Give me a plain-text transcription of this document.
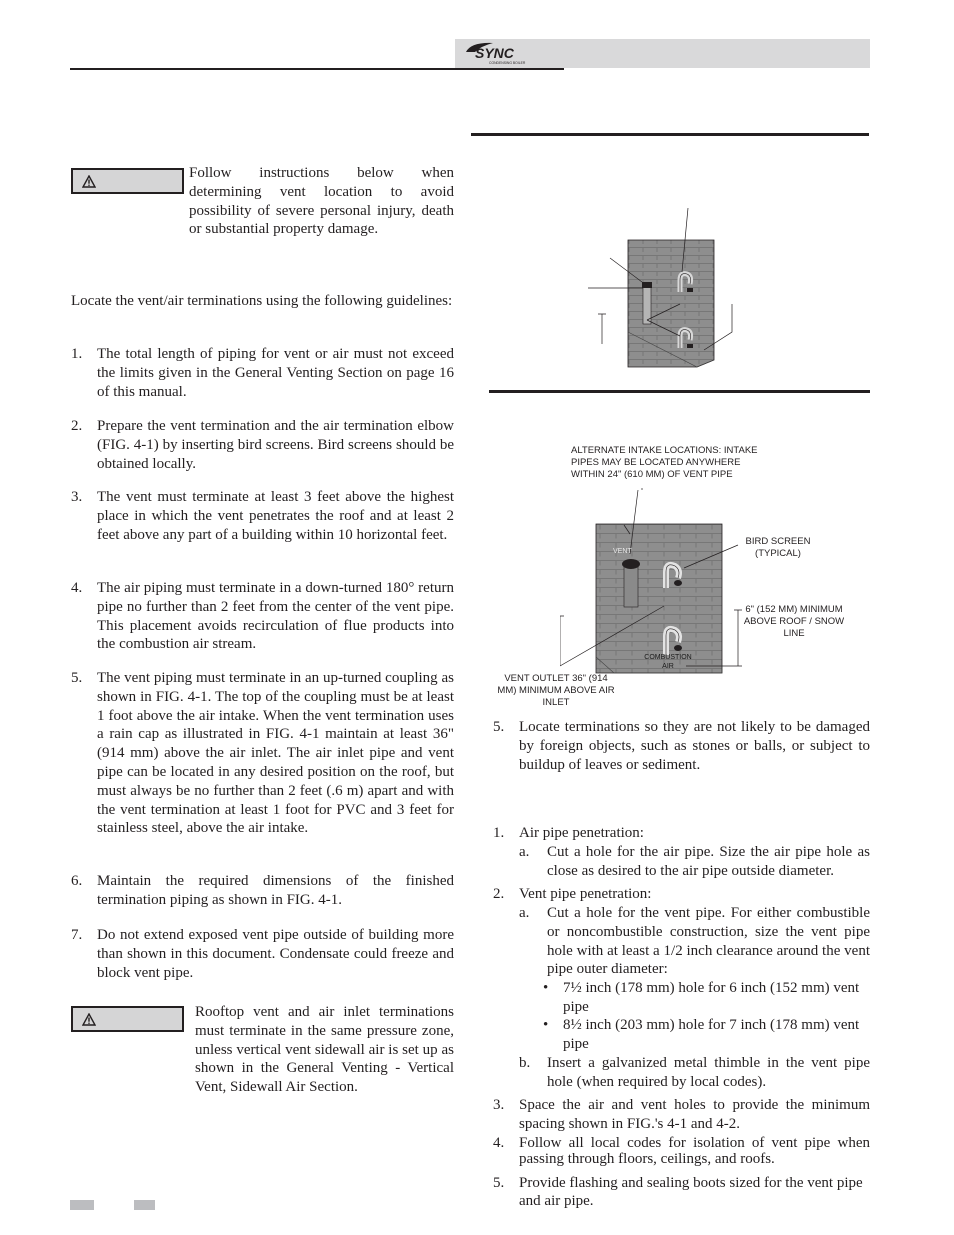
SYNC
CONDENSING BOILER
Follow instructions below when determining vent location to avoid possibility of severe personal injury, death or substantial property damage.
Locate the vent/air terminations using the following guidelines:
1. The total length of piping for vent or air must not exceed the limits given in the General Venting Section on page 16 of this manual.
2. Prepare the vent termination and the air termination elbow (FIG. 4-1) by inserting bird screens. Bird screens should be obtained locally.
3. The vent must terminate at least 3 feet above the highest place in which the vent penetrates the roof and at least 2 feet above any part of a building within 10 horizontal feet.
4. The air piping must terminate in a down-turned 180° return pipe no further than 2 feet from the center of the vent pipe. This placement avoids recirculation of flue products into the combustion air stream.
5. The vent piping must terminate in an up-turned coupling as shown in FIG. 4-1. The top of the coupling must be at least 1 foot above the air intake. When the vent termination uses a rain cap as illustrated in FIG. 4-1 maintain at least 36" (914 mm) above the air inlet. The air inlet pipe and vent pipe can be located in any desired position on the roof, but must always be no further than 2 feet (.6 m) apart and with the vent termination at least 1 foot for PVC and 3 feet for stainless steel, above the air intake.
6. Maintain the required dimensions of the finished termination piping as shown in FIG. 4-1.
7. Do not extend exposed vent pipe outside of building more than shown in this document. Condensate could freeze and block vent pipe.
Rooftop vent and air inlet terminations must terminate in the same pressure zone, unless vertical vent sidewall air is set up as shown in the General Venting - Vertical Vent, Sidewall Air Section.
ALTERNATE INTAKE LOCATIONS: INTAKE PIPES MAY BE LOCATED ANYWHERE WITHIN 24" (610 MM) OF VENT PIPE
BIRD SCREEN (TYPICAL)
6" (152 MM) MINIMUM ABOVE ROOF / SNOW LINE
VENT OUTLET 36" (914 MM) MINIMUM ABOVE AIR INLET
VENT
COMBUSTION AIR
5. Locate terminations so they are not likely to be damaged by foreign objects, such as stones or balls, or subject to buildup of leaves or sediment.
1. Air pipe penetration:
a. Cut a hole for the air pipe. Size the air pipe hole as close as desired to the air pipe outside diameter.
2. Vent pipe penetration:
a. Cut a hole for the vent pipe. For either combustible or noncombustible construction, size the vent pipe hole with at least a 1/2 inch clearance around the vent pipe outer diameter:
• 7½ inch (178 mm) hole for 6 inch (152 mm) vent pipe
• 8½ inch (203 mm) hole for 7 inch (178 mm) vent pipe
b. Insert a galvanized metal thimble in the vent pipe hole (when required by local codes).
3. Space the air and vent holes to provide the minimum spacing shown in FIG.'s 4-1 and 4-2.
4. Follow all local codes for isolation of vent pipe when passing through floors, ceilings, and roofs.
5. Provide flashing and sealing boots sized for the vent pipe and air pipe.
